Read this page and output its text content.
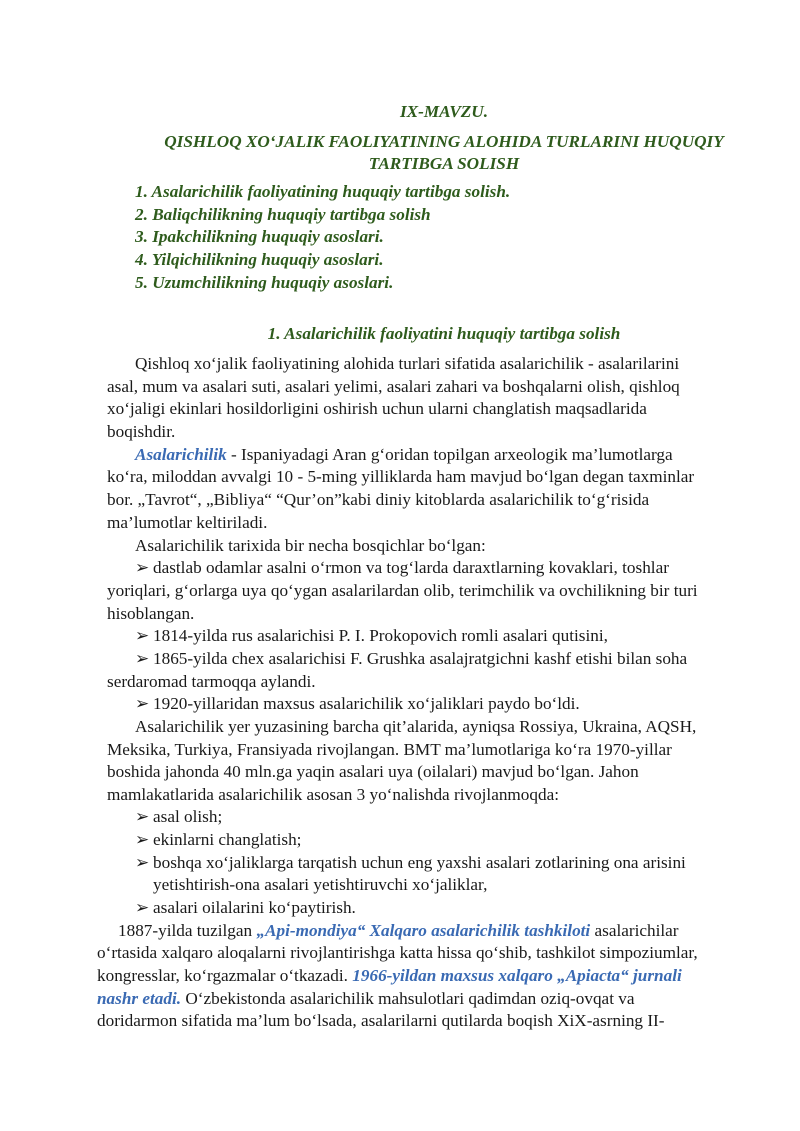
IX-MAVZU.
QISHLOQ XO‘JALIK FAOLIYATINING ALOHIDA TURLARINI HUQUQIY
TARTIBGA SOLISH
1. Asalarichilik faoliyatining huquqiy tartibga solish.
2. Baliqchilikning huquqiy tartibga solish
3. Ipakchilikning huquqiy asoslari.
4. Yilqichilikning huquqiy asoslari.
5. Uzumchilikning huquqiy asoslari.
1. Asalarichilik faoliyatini huquqiy tartibga solish
Qishloq xo‘jalik faoliyatining alohida turlari sifatida asalarichilik - asalarilarini
asal, mum va asalari suti, asalari yelimi, asalari zahari va boshqalarni olish, qishloq
xo‘jaligi ekinlari hosildorligini oshirish uchun ularni changlatish maqsadlarida
boqishdir.
Asalarichilik - Ispaniyadagi Aran g‘oridan topilgan arxeologik ma’lumotlarga
ko‘ra, miloddan avvalgi 10 - 5-ming yilliklarda ham mavjud bo‘lgan degan taxminlar
bor. „Tavrot“, „Bibliya“ “Qur’on”kabi diniy kitoblarda asalarichilik to‘g‘risida
ma’lumotlar keltiriladi.
Asalarichilik tarixida bir necha bosqichlar bo‘lgan:
➢ dastlab odamlar asalni o‘rmon va tog‘larda daraxtlarning kovaklari, toshlar
yoriqlari, g‘orlarga uya qo‘ygan asalarilardan olib, terimchilik va ovchilikning bir turi
hisoblangan.
➢ 1814-yilda rus asalarichisi P. I. Prokopovich romli asalari qutisini,
➢ 1865-yilda chex asalarichisi F. Grushka asalajratgichni kashf etishi bilan soha
serdaromad tarmoqqa aylandi.
➢ 1920-yillaridan maxsus asalarichilik xo‘jaliklari paydo bo‘ldi.
Asalarichilik yer yuzasining barcha qit’alarida, ayniqsa Rossiya, Ukraina, AQSH,
Meksika, Turkiya, Fransiyada rivojlangan. BMT ma’lumotlariga ko‘ra 1970-yillar
boshida jahonda 40 mln.ga yaqin asalari uya (oilalari) mavjud bo‘lgan. Jahon
mamlakatlarida asalarichilik asosan 3 yo‘nalishda rivojlanmoqda:
➢ asal olish;
➢ ekinlarni changlatish;
➢ boshqa xo‘jaliklarga tarqatish uchun eng yaxshi asalari zotlarining ona arisini
yetishtirish-ona asalari yetishtiruvchi xo‘jaliklar,
➢ asalari oilalarini ko‘paytirish.
1887-yilda tuzilgan „Api-mondiya“ Xalqaro asalarichilik tashkiloti asalarichilar
o‘rtasida xalqaro aloqalarni rivojlantirishga katta hissa qo‘shib, tashkilot simpoziumlar,
kongresslar, ko‘rgazmalar o‘tkazadi. 1966-yildan maxsus xalqaro „Apiacta“ jurnali
nashr etadi. O‘zbekistonda asalarichilik mahsulotlari qadimdan oziq-ovqat va
doridarmon sifatida ma’lum bo‘lsada, asalarilarni qutilarda boqish XiX-asrning II-
